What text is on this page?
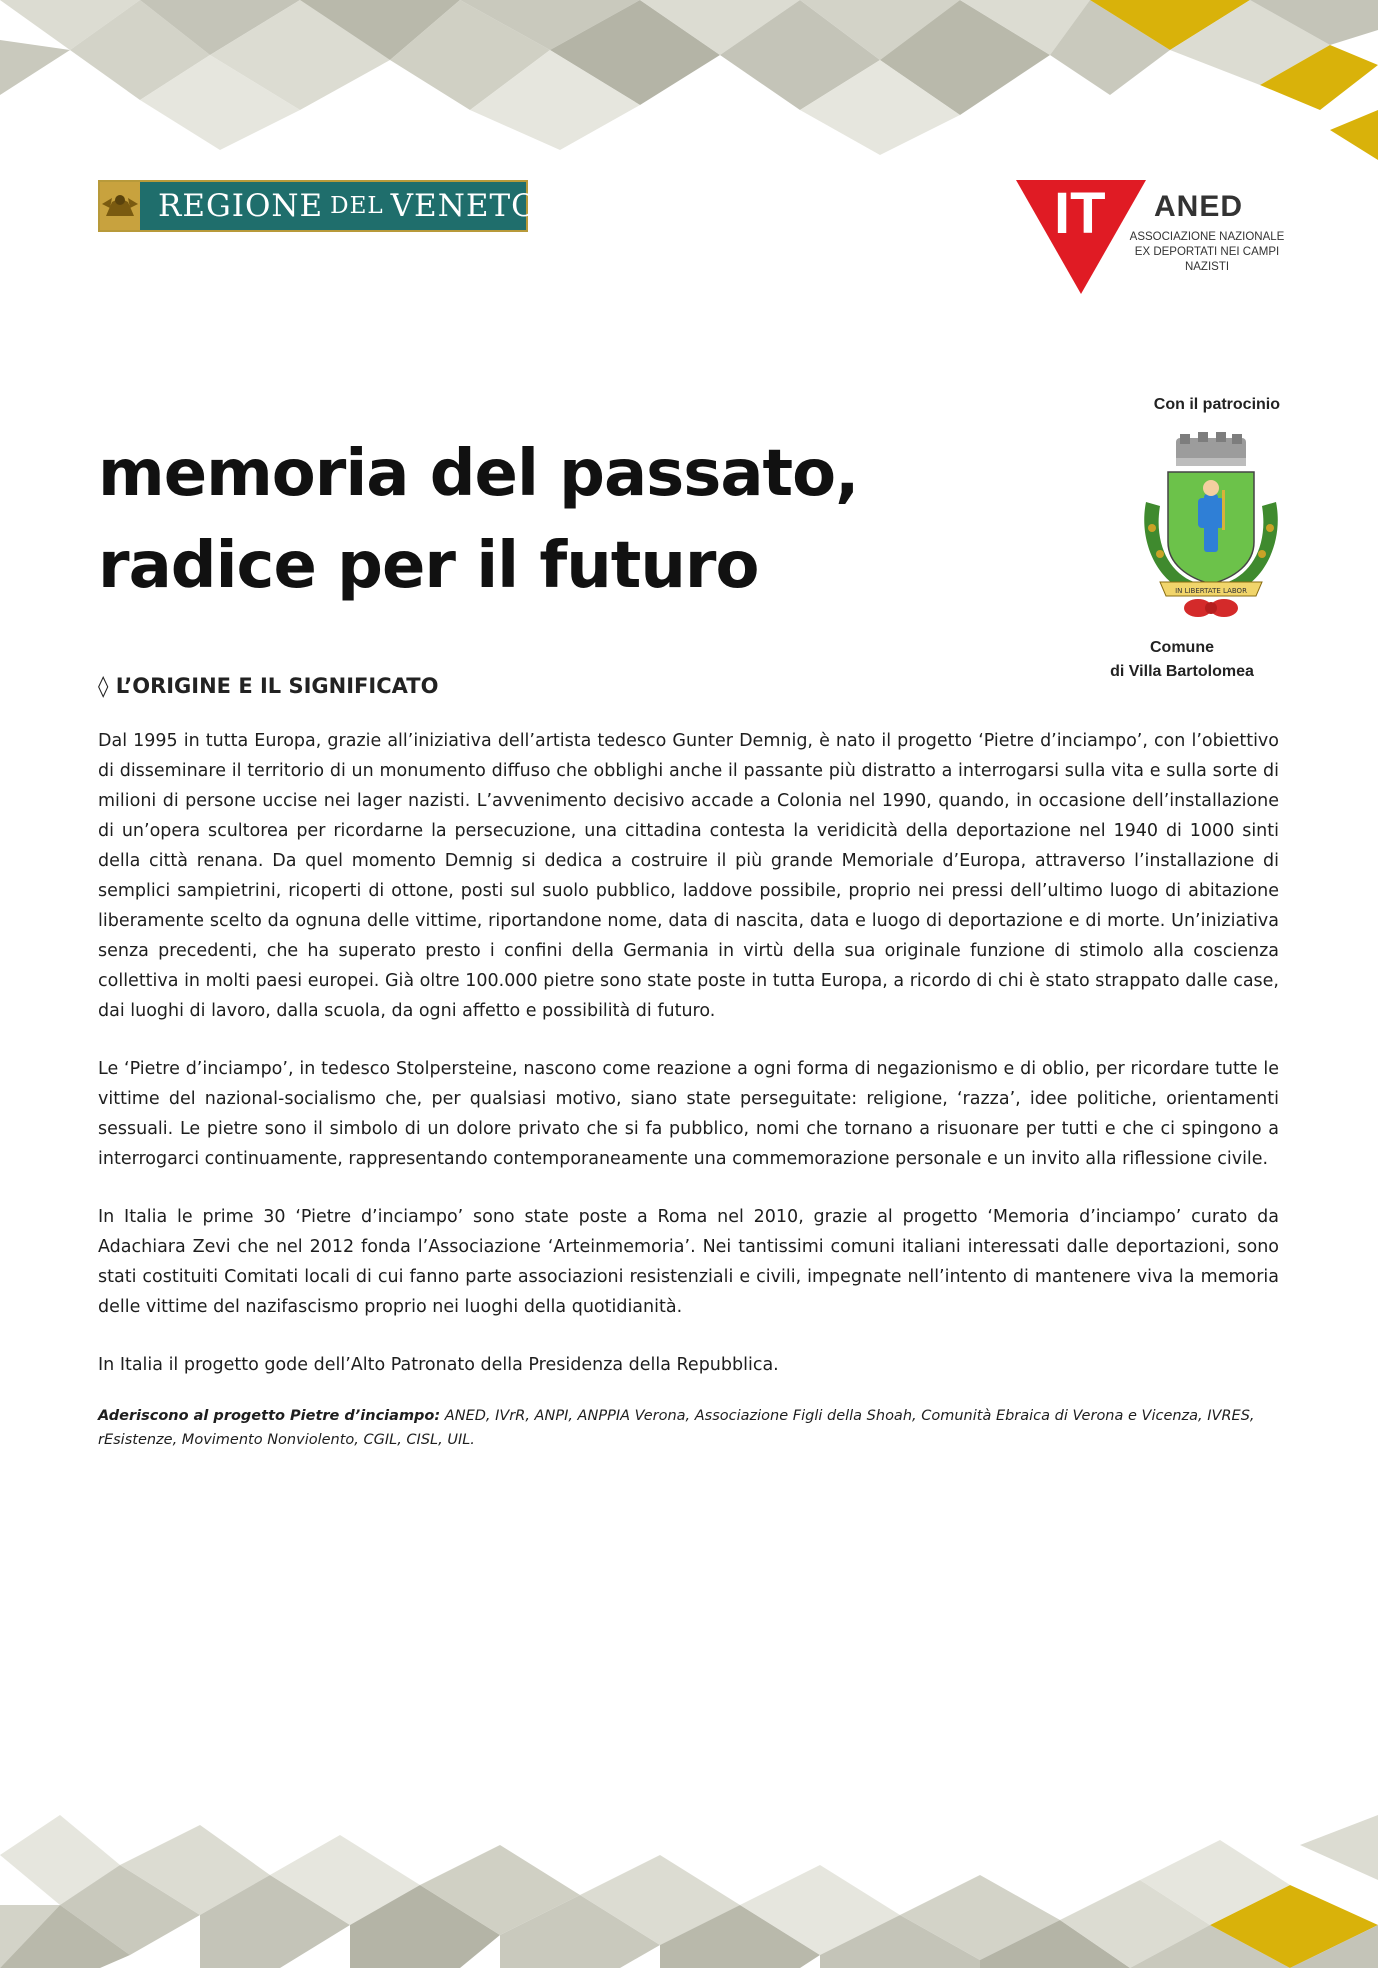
REGIONE DEL VENETO	IT ANED
ASSOCIAZIONE NAZIONALE
EX DEPORTATI NEI CAMPI NAZISTI
Con il patrocinio
IN LIBERTATE LABOR
Comune
di Villa Bartolomea
memoria del passato,
radice per il futuro
◊ L’ORIGINE E IL SIGNIFICATO

Dal 1995 in tutta Europa, grazie all’iniziativa dell’artista tedesco Gunter Demnig, è nato il progetto ‘Pietre d’inciampo’, con l’obiettivo di disseminare il territorio di un monumento diffuso che obblighi anche il passante più distratto a interrogarsi sulla vita e sulla sorte di milioni di persone uccise nei lager nazisti. L’avvenimento decisivo accade a Colonia nel 1990, quando, in occasione dell’installazione di un’opera scultorea per ricordarne la persecuzione, una cittadina contesta la veridicità della deportazione nel 1940 di 1000 sinti della città renana. Da quel momento Demnig si dedica a costruire il più grande Memoriale d’Europa, attraverso l’installazione di semplici sampietrini, ricoperti di ottone, posti sul suolo pubblico, laddove possibile, proprio nei pressi dell’ultimo luogo di abitazione liberamente scelto da ognuna delle vittime, riportandone nome, data di nascita, data e luogo di deportazione e di morte. Un’iniziativa senza precedenti, che ha superato presto i confini della Germania in virtù della sua originale funzione di stimolo alla coscienza collettiva in molti paesi europei. Già oltre 100.000 pietre sono state poste in tutta Europa, a ricordo di chi è stato strappato dalle case, dai luoghi di lavoro, dalla scuola, da ogni affetto e possibilità di futuro.

Le ‘Pietre d’inciampo’, in tedesco Stolpersteine, nascono come reazione a ogni forma di negazionismo e di oblio, per ricordare tutte le vittime del nazional-socialismo che, per qualsiasi motivo, siano state perseguitate: religione, ‘razza’, idee politiche, orientamenti sessuali. Le pietre sono il simbolo di un dolore privato che si fa pubblico, nomi che tornano a risuonare per tutti e che ci spingono a interrogarci continuamente, rappresentando contemporaneamente una commemorazione personale e un invito alla riflessione civile.

In Italia le prime 30 ‘Pietre d’inciampo’ sono state poste a Roma nel 2010, grazie al progetto ‘Memoria d’inciampo’ curato da Adachiara Zevi che nel 2012 fonda l’Associazione ‘Arteinmemoria’. Nei tantissimi comuni italiani interessati dalle deportazioni, sono stati costituiti Comitati locali di cui fanno parte associazioni resistenziali e civili, impegnate nell’intento di mantenere viva la memoria delle vittime del nazifascismo proprio nei luoghi della quotidianità.

In Italia il progetto gode dell’Alto Patronato della Presidenza della Repubblica.

Aderiscono al progetto Pietre d’inciampo: ANED, IVrR, ANPI, ANPPIA Verona, Associazione Figli della Shoah, Comunità Ebraica di Verona e Vicenza, IVRES, rEsistenze, Movimento Nonviolento, CGIL, CISL, UIL.
